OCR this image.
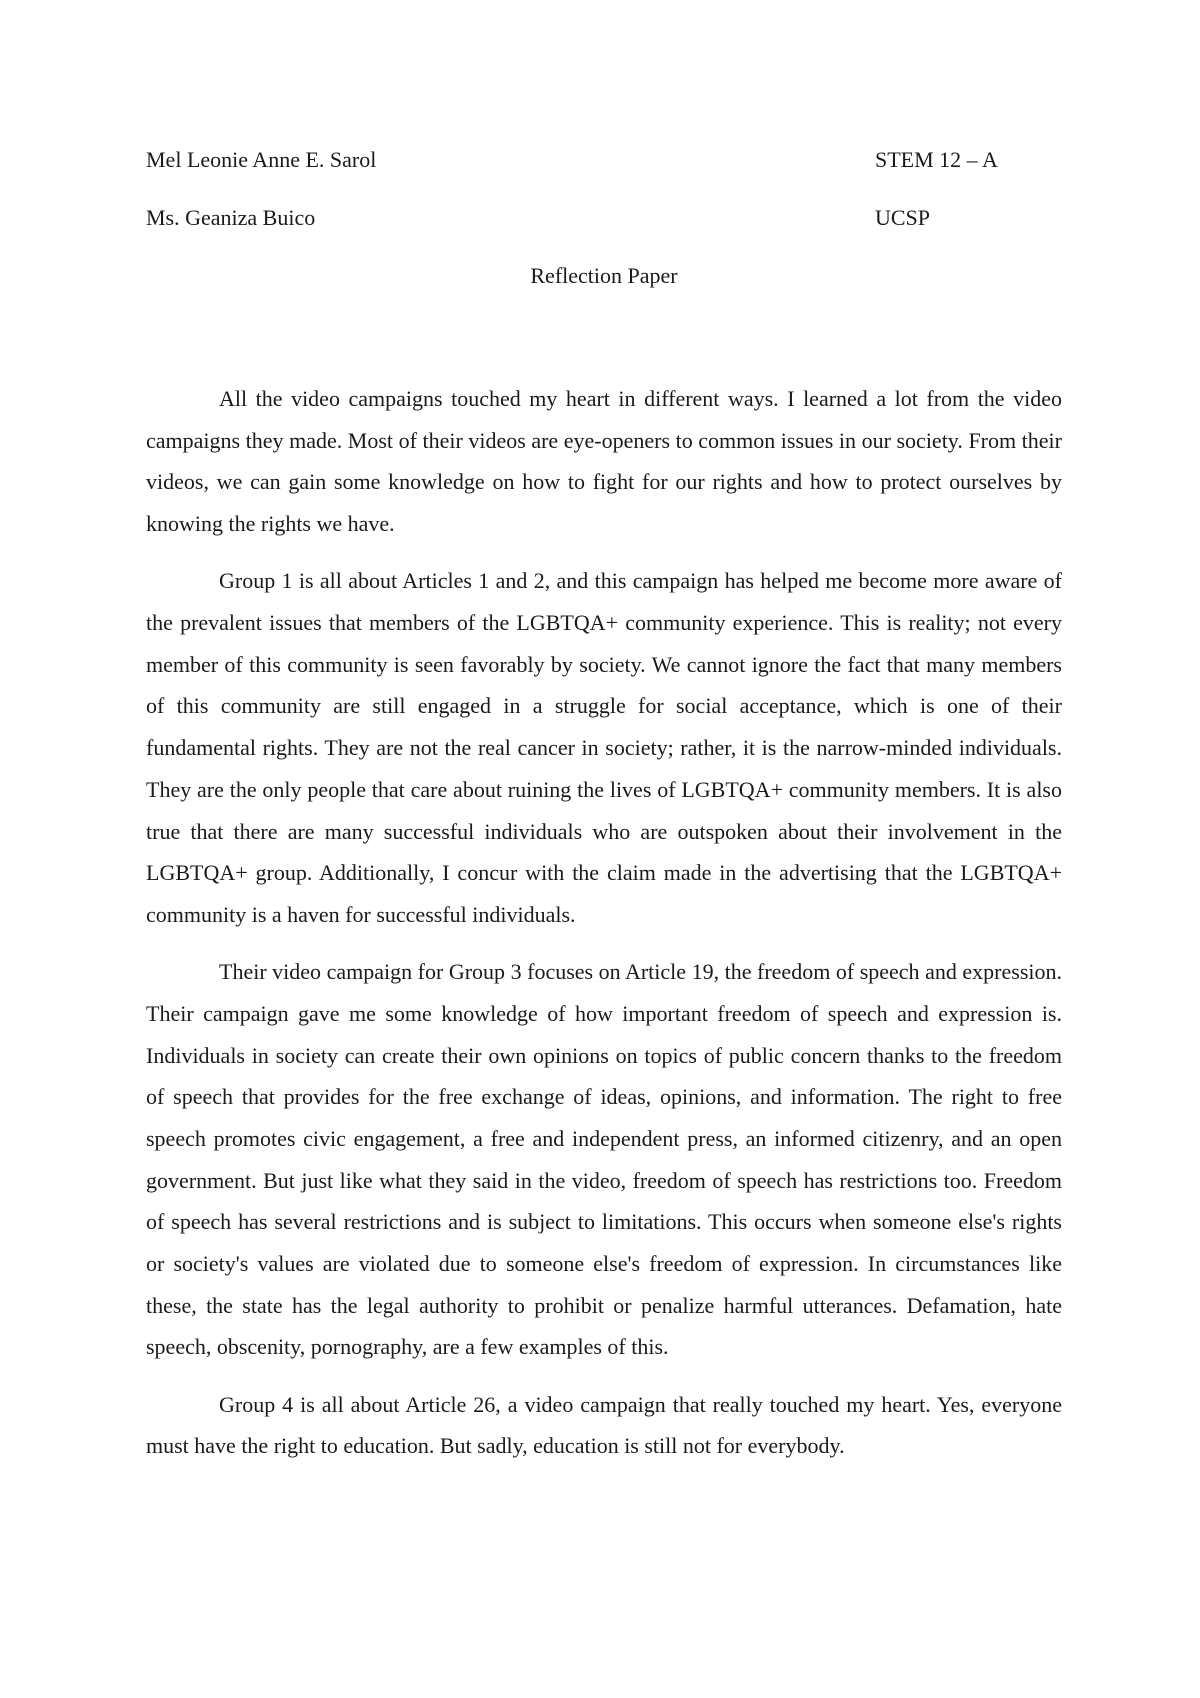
Mel Leonie Anne E. Sarol	STEM 12 – A
Ms. Geaniza Buico	UCSP
Reflection Paper

All the video campaigns touched my heart in different ways. I learned a lot from the video campaigns they made. Most of their videos are eye-openers to common issues in our society. From their videos, we can gain some knowledge on how to fight for our rights and how to protect ourselves by knowing the rights we have.

Group 1 is all about Articles 1 and 2, and this campaign has helped me become more aware of the prevalent issues that members of the LGBTQA+ community experience. This is reality; not every member of this community is seen favorably by society. We cannot ignore the fact that many members of this community are still engaged in a struggle for social acceptance, which is one of their fundamental rights. They are not the real cancer in society; rather, it is the narrow-minded individuals. They are the only people that care about ruining the lives of LGBTQA+ community members. It is also true that there are many successful individuals who are outspoken about their involvement in the LGBTQA+ group. Additionally, I concur with the claim made in the advertising that the LGBTQA+ community is a haven for successful individuals.

Their video campaign for Group 3 focuses on Article 19, the freedom of speech and expression. Their campaign gave me some knowledge of how important freedom of speech and expression is. Individuals in society can create their own opinions on topics of public concern thanks to the freedom of speech that provides for the free exchange of ideas, opinions, and information. The right to free speech promotes civic engagement, a free and independent press, an informed citizenry, and an open government. But just like what they said in the video, freedom of speech has restrictions too. Freedom of speech has several restrictions and is subject to limitations. This occurs when someone else's rights or society's values are violated due to someone else's freedom of expression. In circumstances like these, the state has the legal authority to prohibit or penalize harmful utterances. Defamation, hate speech, obscenity, pornography, are a few examples of this.

Group 4 is all about Article 26, a video campaign that really touched my heart. Yes, everyone must have the right to education. But sadly, education is still not for everybody.
